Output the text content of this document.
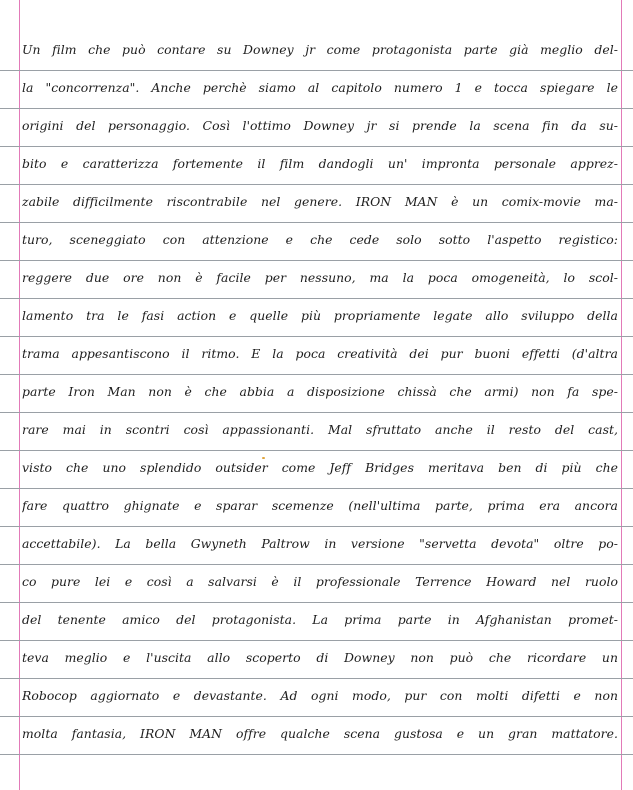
Un film che può contare su Downey jr come protagonista parte già meglio del-
la "concorrenza". Anche perchè siamo al capitolo numero 1 e tocca spiegare le
origini del personaggio. Così l'ottimo Downey jr si prende la scena fin da su-
bito e caratterizza fortemente il film dandogli un' impronta personale apprez-
zabile difficilmente riscontrabile nel genere. IRON MAN è un comix-movie ma-
turo, sceneggiato con attenzione e che cede solo sotto l'aspetto registico:
reggere due ore non è facile per nessuno, ma la poca omogeneità, lo scol-
lamento tra le fasi action e quelle più propriamente legate allo sviluppo della
trama appesantiscono il ritmo. E la poca creatività dei pur buoni effetti (d'altra
parte Iron Man non è che abbia a disposizione chissà che armi) non fa spe-
rare mai in scontri così appassionanti. Mal sfruttato anche il resto del cast,
visto che uno splendido outsider come Jeff Bridges meritava ben di più che
fare quattro ghignate e sparar scemenze (nell'ultima parte, prima era ancora
accettabile). La bella Gwyneth Paltrow in versione "servetta devota" oltre po-
co pure lei e così a salvarsi è il professionale Terrence Howard nel ruolo
del tenente amico del protagonista. La prima parte in Afghanistan promet-
teva meglio e l'uscita allo scoperto di Downey non può che ricordare un
Robocop aggiornato e devastante. Ad ogni modo, pur con molti difetti e non
molta fantasia, IRON MAN offre qualche scena gustosa e un gran mattatore.
